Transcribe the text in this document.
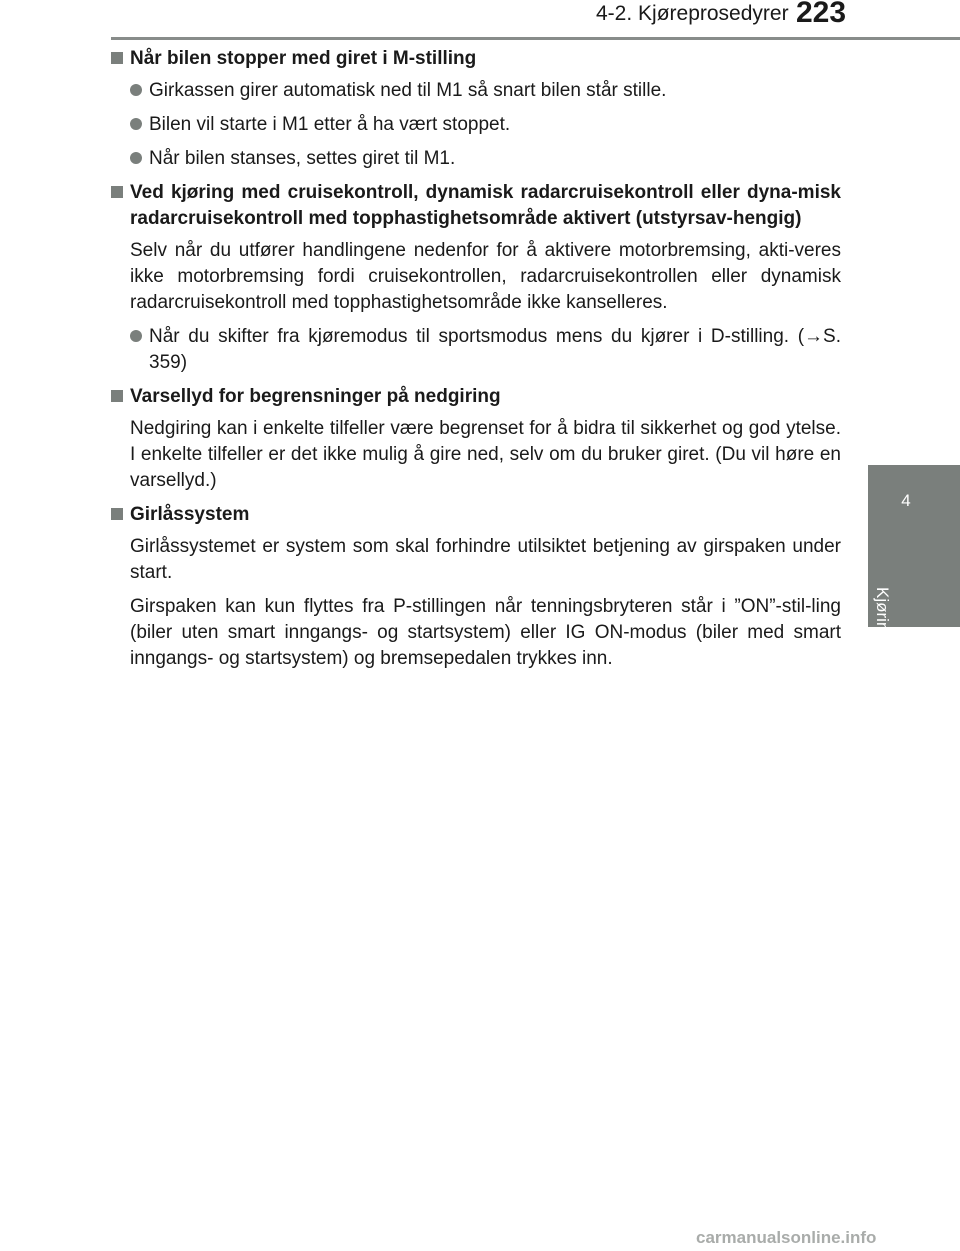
4-2. Kjøreprosedyrer 223
4
Kjøring
Når bilen stopper med giret i M-stilling
Girkassen girer automatisk ned til M1 så snart bilen står stille.
Bilen vil starte i M1 etter å ha vært stoppet.
Når bilen stanses, settes giret til M1.
Ved kjøring med cruisekontroll, dynamisk radarcruisekontroll eller dyna-misk radarcruisekontroll med topphastighetsområde aktivert (utstyrsav-hengig)
Selv når du utfører handlingene nedenfor for å aktivere motorbremsing, akti-veres ikke motorbremsing fordi cruisekontrollen, radarcruisekontrollen eller dynamisk radarcruisekontroll med topphastighetsområde ikke kanselleres.
Når du skifter fra kjøremodus til sportsmodus mens du kjører i D-stilling. (→S. 359)
Varsellyd for begrensninger på nedgiring
Nedgiring kan i enkelte tilfeller være begrenset for å bidra til sikkerhet og god ytelse. I enkelte tilfeller er det ikke mulig å gire ned, selv om du bruker giret. (Du vil høre en varsellyd.)
Girlåssystem
Girlåssystemet er system som skal forhindre utilsiktet betjening av girspaken under start.
Girspaken kan kun flyttes fra P-stillingen når tenningsbryteren står i ”ON”-stil-ling (biler uten smart inngangs- og startsystem) eller IG ON-modus (biler med smart inngangs- og startsystem) og bremsepedalen trykkes inn.
carmanualsonline.info
